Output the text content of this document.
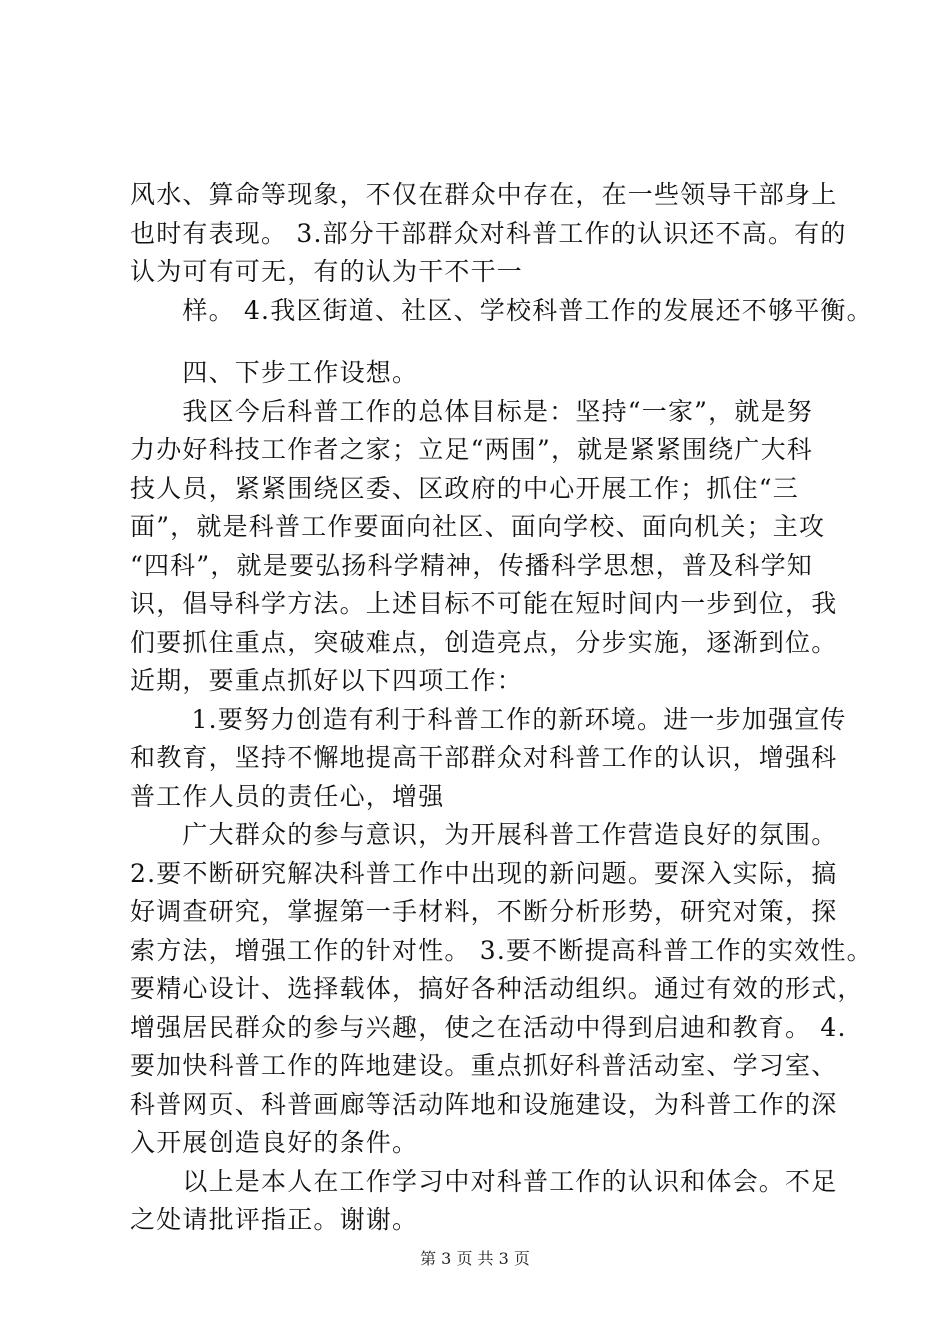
风水、算命等现象，不仅在群众中存在，在一些领导干部身上
也时有表现。 3.部分干部群众对科普工作的认识还不高。有的
认为可有可无，有的认为干不干一
　　样。 4.我区街道、社区、学校科普工作的发展还不够平衡。
　　四、下步工作设想。
　　我区今后科普工作的总体目标是：坚持“一家”，就是努
力办好科技工作者之家；立足“两围”，就是紧紧围绕广大科
技人员，紧紧围绕区委、区政府的中心开展工作；抓住“三
面”，就是科普工作要面向社区、面向学校、面向机关；主攻
“四科”，就是要弘扬科学精神，传播科学思想，普及科学知
识，倡导科学方法。上述目标不可能在短时间内一步到位，我
们要抓住重点，突破难点，创造亮点，分步实施，逐渐到位。
近期，要重点抓好以下四项工作：
　　 1.要努力创造有利于科普工作的新环境。进一步加强宣传
和教育，坚持不懈地提高干部群众对科普工作的认识，增强科
普工作人员的责任心，增强
　　广大群众的参与意识，为开展科普工作营造良好的氛围。
2.要不断研究解决科普工作中出现的新问题。要深入实际，搞
好调查研究，掌握第一手材料，不断分析形势，研究对策，探
索方法，增强工作的针对性。 3.要不断提高科普工作的实效性。
要精心设计、选择载体，搞好各种活动组织。通过有效的形式，
增强居民群众的参与兴趣，使之在活动中得到启迪和教育。 4.
要加快科普工作的阵地建设。重点抓好科普活动室、学习室、
科普网页、科普画廊等活动阵地和设施建设，为科普工作的深
入开展创造良好的条件。
　　以上是本人在工作学习中对科普工作的认识和体会。不足
之处请批评指正。谢谢。
第 3 页 共 3 页
